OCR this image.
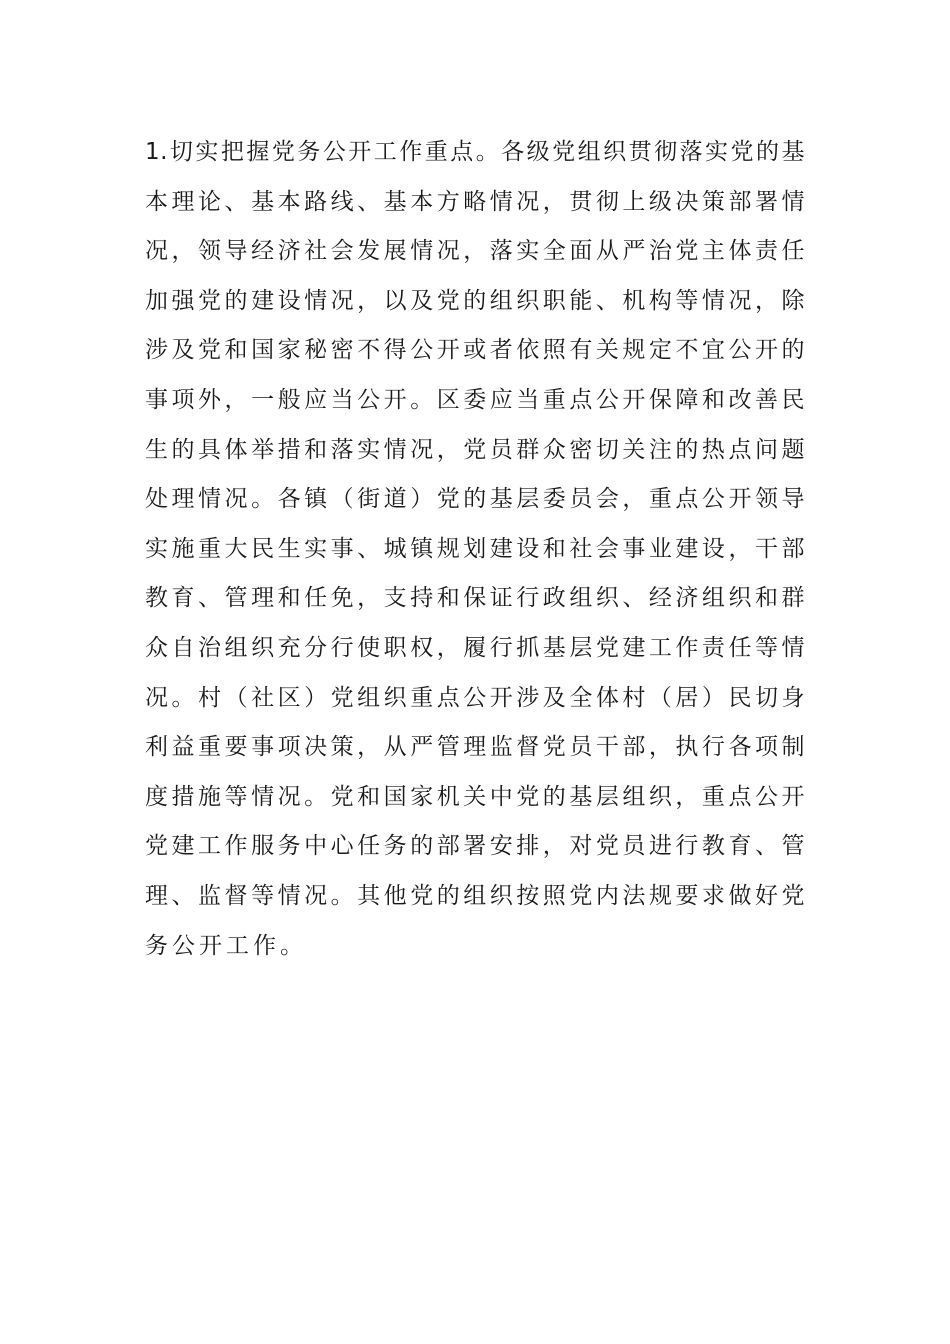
1.切实把握党务公开工作重点。各级党组织贯彻落实党的基
本理论、基本路线、基本方略情况，贯彻上级决策部署情
况，领导经济社会发展情况，落实全面从严治党主体责任
加强党的建设情况，以及党的组织职能、机构等情况，除
涉及党和国家秘密不得公开或者依照有关规定不宜公开的
事项外，一般应当公开。区委应当重点公开保障和改善民
生的具体举措和落实情况，党员群众密切关注的热点问题
处理情况。各镇（街道）党的基层委员会，重点公开领导
实施重大民生实事、城镇规划建设和社会事业建设，干部
教育、管理和任免，支持和保证行政组织、经济组织和群
众自治组织充分行使职权，履行抓基层党建工作责任等情
况。村（社区）党组织重点公开涉及全体村（居）民切身
利益重要事项决策，从严管理监督党员干部，执行各项制
度措施等情况。党和国家机关中党的基层组织，重点公开
党建工作服务中心任务的部署安排，对党员进行教育、管
理、监督等情况。其他党的组织按照党内法规要求做好党
务公开工作。
